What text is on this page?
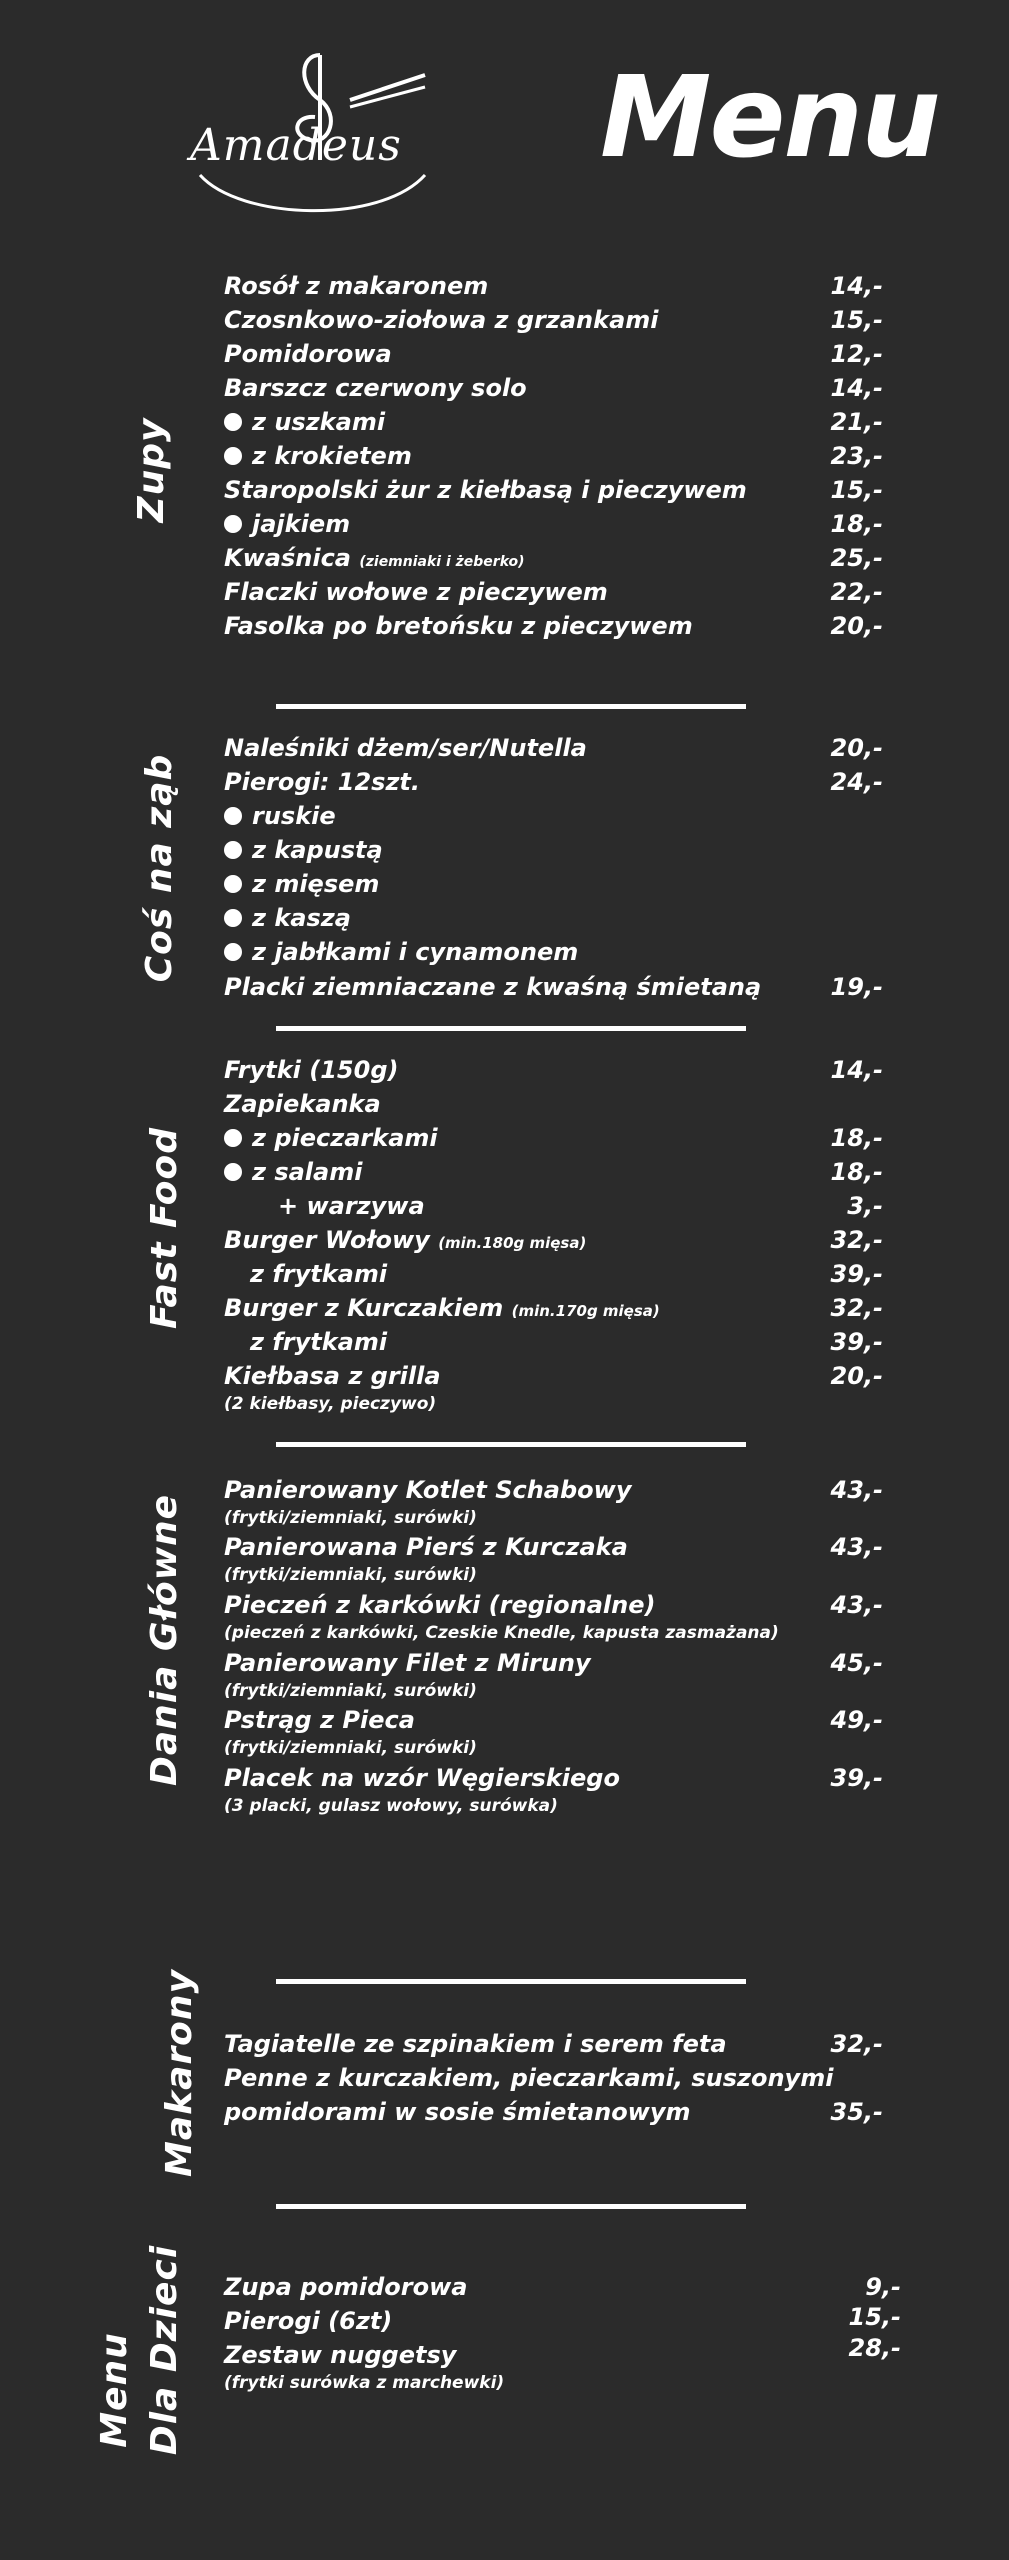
Amadeus Menu
Zupy
Coś na ząb
Fast Food
Dania Główne
Makarony
Menu Dla Dzieci
Rosół z makaronem	14,-
Czosnkowo-ziołowa z grzankami	15,-
Pomidorowa	12,-
Barszcz czerwony solo	14,-
z uszkami	21,-
z krokietem	23,-
Staropolski żur z kiełbasą i pieczywem	15,-
jajkiem	18,-
Kwaśnica (ziemniaki i żeberko)	25,-
Flaczki wołowe z pieczywem	22,-
Fasolka po bretońsku z pieczywem	20,-
Naleśniki dżem/ser/Nutella	20,-
Pierogi: 12szt.	24,-
ruskie
z kapustą
z mięsem
z kaszą
z jabłkami i cynamonem
Placki ziemniaczane z kwaśną śmietaną	19,-
Frytki (150g)	14,-
Zapiekanka
z pieczarkami	18,-
z salami	18,-
+ warzywa	3,-
Burger Wołowy (min.180g mięsa)	32,-
z frytkami	39,-
Burger z Kurczakiem (min.170g mięsa)	32,-
z frytkami	39,-
Kiełbasa z grilla	20,-
(2 kiełbasy, pieczywo)
Panierowany Kotlet Schabowy	43,-
(frytki/ziemniaki, surówki)
Panierowana Pierś z Kurczaka	43,-
(frytki/ziemniaki, surówki)
Pieczeń z karkówki (regionalne)	43,-
(pieczeń z karkówki, Czeskie Knedle, kapusta zasmażana)
Panierowany Filet z Miruny	45,-
(frytki/ziemniaki, surówki)
Pstrąg z Pieca	49,-
(frytki/ziemniaki, surówki)
Placek na wzór Węgierskiego	39,-
(3 placki, gulasz wołowy, surówka)
Tagiatelle ze szpinakiem i serem feta	32,-
Penne z kurczakiem, pieczarkami, suszonymi
pomidorami w sosie śmietanowym	35,-
Zupa pomidorowa	9,-
Pierogi (6zt)	15,-
Zestaw nuggetsy	28,-
(frytki surówka z marchewki)
